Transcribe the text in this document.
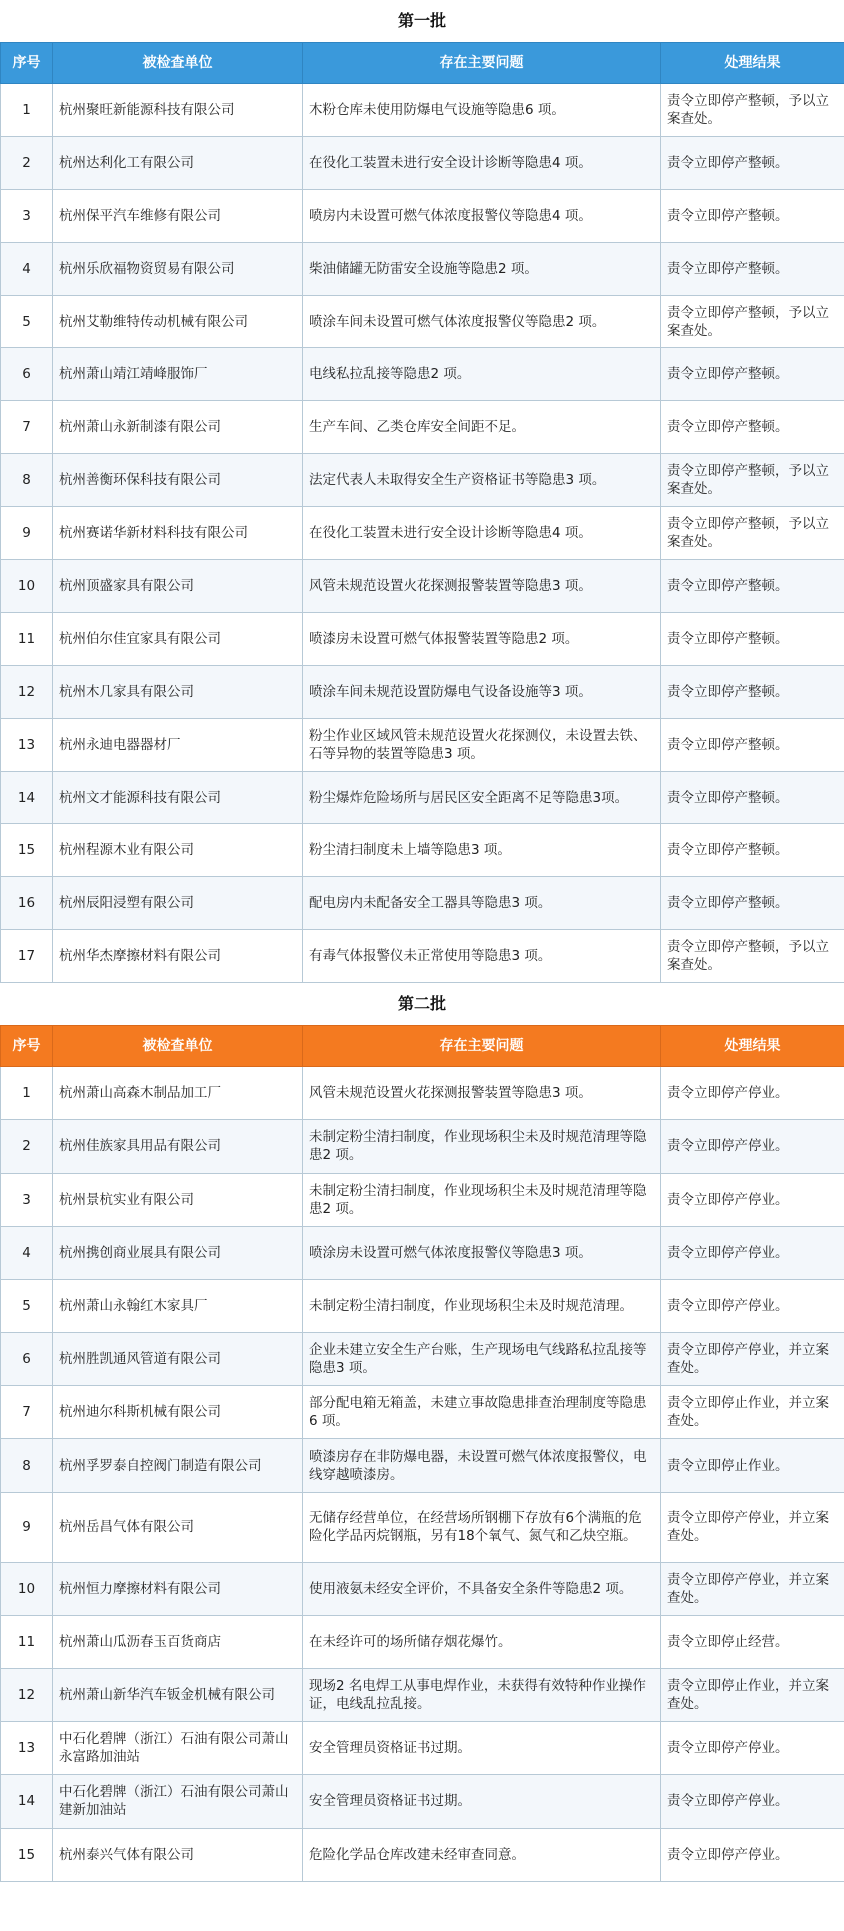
第一批
序号	被检查单位	存在主要问题	处理结果
1	杭州聚旺新能源科技有限公司	木粉仓库未使用防爆电气设施等隐患6 项。	责令立即停产整顿，予以立案查处。
2	杭州达利化工有限公司	在役化工装置未进行安全设计诊断等隐患4 项。	责令立即停产整顿。
3	杭州保平汽车维修有限公司	喷房内未设置可燃气体浓度报警仪等隐患4 项。	责令立即停产整顿。
4	杭州乐欣福物资贸易有限公司	柴油储罐无防雷安全设施等隐患2 项。	责令立即停产整顿。
5	杭州艾勒维特传动机械有限公司	喷涂车间未设置可燃气体浓度报警仪等隐患2 项。	责令立即停产整顿，予以立案查处。
6	杭州萧山靖江靖峰服饰厂	电线私拉乱接等隐患2 项。	责令立即停产整顿。
7	杭州萧山永新制漆有限公司	生产车间、乙类仓库安全间距不足。	责令立即停产整顿。
8	杭州善衡环保科技有限公司	法定代表人未取得安全生产资格证书等隐患3 项。	责令立即停产整顿，予以立案查处。
9	杭州赛诺华新材料科技有限公司	在役化工装置未进行安全设计诊断等隐患4 项。	责令立即停产整顿，予以立案查处。
10	杭州顶盛家具有限公司	风管未规范设置火花探测报警装置等隐患3 项。	责令立即停产整顿。
11	杭州伯尔佳宜家具有限公司	喷漆房未设置可燃气体报警装置等隐患2 项。	责令立即停产整顿。
12	杭州木几家具有限公司	喷涂车间未规范设置防爆电气设备设施等3 项。	责令立即停产整顿。
13	杭州永迪电器器材厂	粉尘作业区域风管未规范设置火花探测仪，未设置去铁、石等异物的装置等隐患3 项。	责令立即停产整顿。
14	杭州文才能源科技有限公司	粉尘爆炸危险场所与居民区安全距离不足等隐患3项。	责令立即停产整顿。
15	杭州程源木业有限公司	粉尘清扫制度未上墙等隐患3 项。	责令立即停产整顿。
16	杭州辰阳浸塑有限公司	配电房内未配备安全工器具等隐患3 项。	责令立即停产整顿。
17	杭州华杰摩擦材料有限公司	有毒气体报警仪未正常使用等隐患3 项。	责令立即停产整顿，予以立案查处。
第二批
序号	被检查单位	存在主要问题	处理结果
1	杭州萧山高森木制品加工厂	风管未规范设置火花探测报警装置等隐患3 项。	责令立即停产停业。
2	杭州佳族家具用品有限公司	未制定粉尘清扫制度，作业现场积尘未及时规范清理等隐患2 项。	责令立即停产停业。
3	杭州景杭实业有限公司	未制定粉尘清扫制度，作业现场积尘未及时规范清理等隐患2 项。	责令立即停产停业。
4	杭州携创商业展具有限公司	喷涂房未设置可燃气体浓度报警仪等隐患3 项。	责令立即停产停业。
5	杭州萧山永翰红木家具厂	未制定粉尘清扫制度，作业现场积尘未及时规范清理。	责令立即停产停业。
6	杭州胜凯通风管道有限公司	企业未建立安全生产台账，生产现场电气线路私拉乱接等隐患3 项。	责令立即停产停业，并立案查处。
7	杭州迪尔科斯机械有限公司	部分配电箱无箱盖，未建立事故隐患排查治理制度等隐患6 项。	责令立即停止作业，并立案查处。
8	杭州孚罗泰自控阀门制造有限公司	喷漆房存在非防爆电器，未设置可燃气体浓度报警仪，电线穿越喷漆房。	责令立即停止作业。
9	杭州岳昌气体有限公司	无储存经营单位，在经营场所钢棚下存放有6个满瓶的危险化学品丙烷钢瓶，另有18个氧气、氮气和乙炔空瓶。	责令立即停产停业，并立案查处。
10	杭州恒力摩擦材料有限公司	使用液氨未经安全评价，不具备安全条件等隐患2 项。	责令立即停产停业，并立案查处。
11	杭州萧山瓜沥春玉百货商店	在未经许可的场所储存烟花爆竹。	责令立即停止经营。
12	杭州萧山新华汽车钣金机械有限公司	现场2 名电焊工从事电焊作业，未获得有效特种作业操作证，电线乱拉乱接。	责令立即停止作业，并立案查处。
13	中石化碧牌（浙江）石油有限公司萧山永富路加油站	安全管理员资格证书过期。	责令立即停产停业。
14	中石化碧牌（浙江）石油有限公司萧山建新加油站	安全管理员资格证书过期。	责令立即停产停业。
15	杭州泰兴气体有限公司	危险化学品仓库改建未经审查同意。	责令立即停产停业。
